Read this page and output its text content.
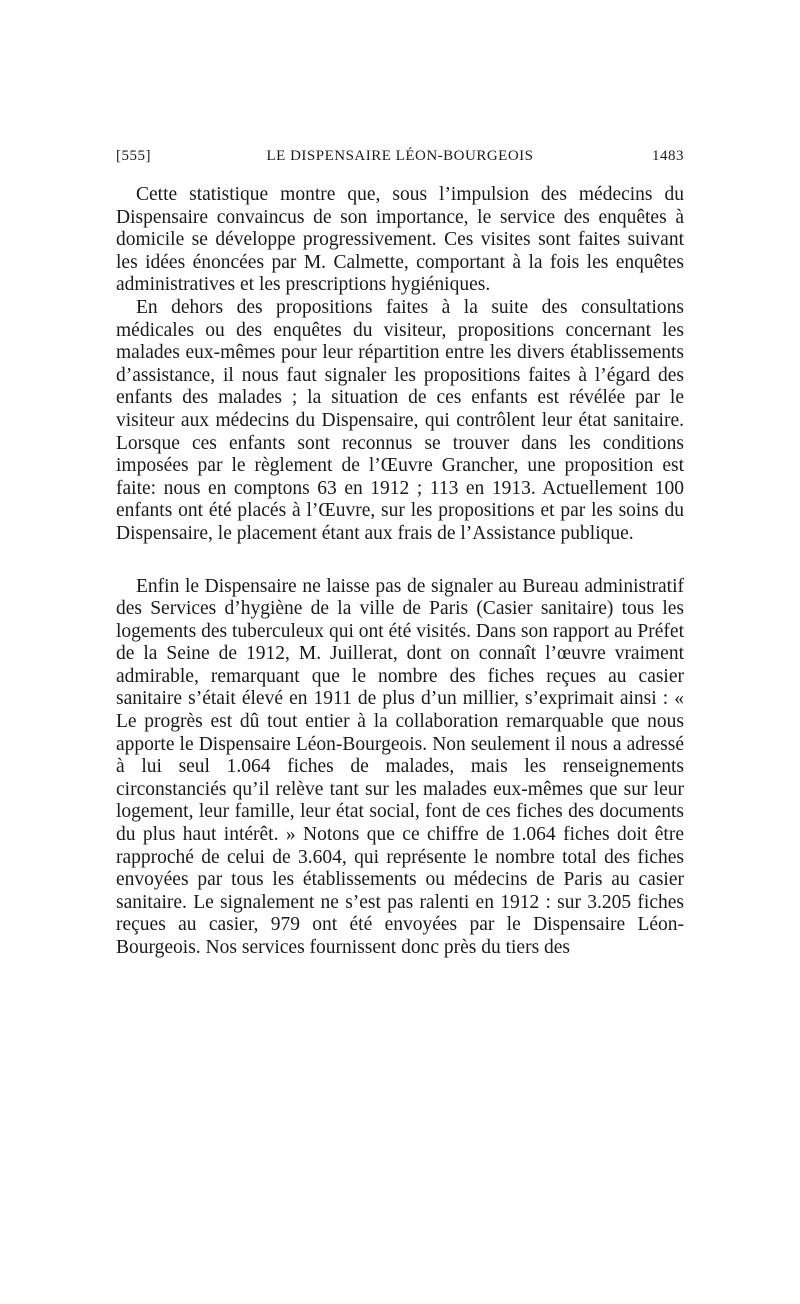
[555]	LE DISPENSAIRE LÉON-BOURGEOIS	1483

Cette statistique montre que, sous l’impulsion des médecins du Dispensaire convaincus de son importance, le service des enquêtes à domicile se développe progressivement. Ces visites sont faites suivant les idées énoncées par M. Calmette, comportant à la fois les enquêtes administratives et les prescriptions hygiéniques.

En dehors des propositions faites à la suite des consultations médicales ou des enquêtes du visiteur, propositions concernant les malades eux-mêmes pour leur répartition entre les divers établissements d’assistance, il nous faut signaler les propositions faites à l’égard des enfants des malades ; la situation de ces enfants est révélée par le visiteur aux médecins du Dispensaire, qui contrôlent leur état sanitaire. Lorsque ces enfants sont reconnus se trouver dans les conditions imposées par le règlement de l’Œuvre Grancher, une proposition est faite: nous en comptons 63 en 1912 ; 113 en 1913. Actuellement 100 enfants ont été placés à l’Œuvre, sur les propositions et par les soins du Dispensaire, le placement étant aux frais de l’Assistance publique.

Enfin le Dispensaire ne laisse pas de signaler au Bureau administratif des Services d’hygiène de la ville de Paris (Casier sanitaire) tous les logements des tuberculeux qui ont été visités. Dans son rapport au Préfet de la Seine de 1912, M. Juillerat, dont on connaît l’œuvre vraiment admirable, remarquant que le nombre des fiches reçues au casier sanitaire s’était élevé en 1911 de plus d’un millier, s’exprimait ainsi : « Le progrès est dû tout entier à la collaboration remarquable que nous apporte le Dispensaire Léon-Bourgeois. Non seulement il nous a adressé à lui seul 1.064 fiches de malades, mais les renseignements circonstanciés qu’il relève tant sur les malades eux-mêmes que sur leur logement, leur famille, leur état social, font de ces fiches des documents du plus haut intérêt. » Notons que ce chiffre de 1.064 fiches doit être rapproché de celui de 3.604, qui représente le nombre total des fiches envoyées par tous les établissements ou médecins de Paris au casier sanitaire. Le signalement ne s’est pas ralenti en 1912 : sur 3.205 fiches reçues au casier, 979 ont été envoyées par le Dispensaire Léon-Bourgeois. Nos services fournissent donc près du tiers des
